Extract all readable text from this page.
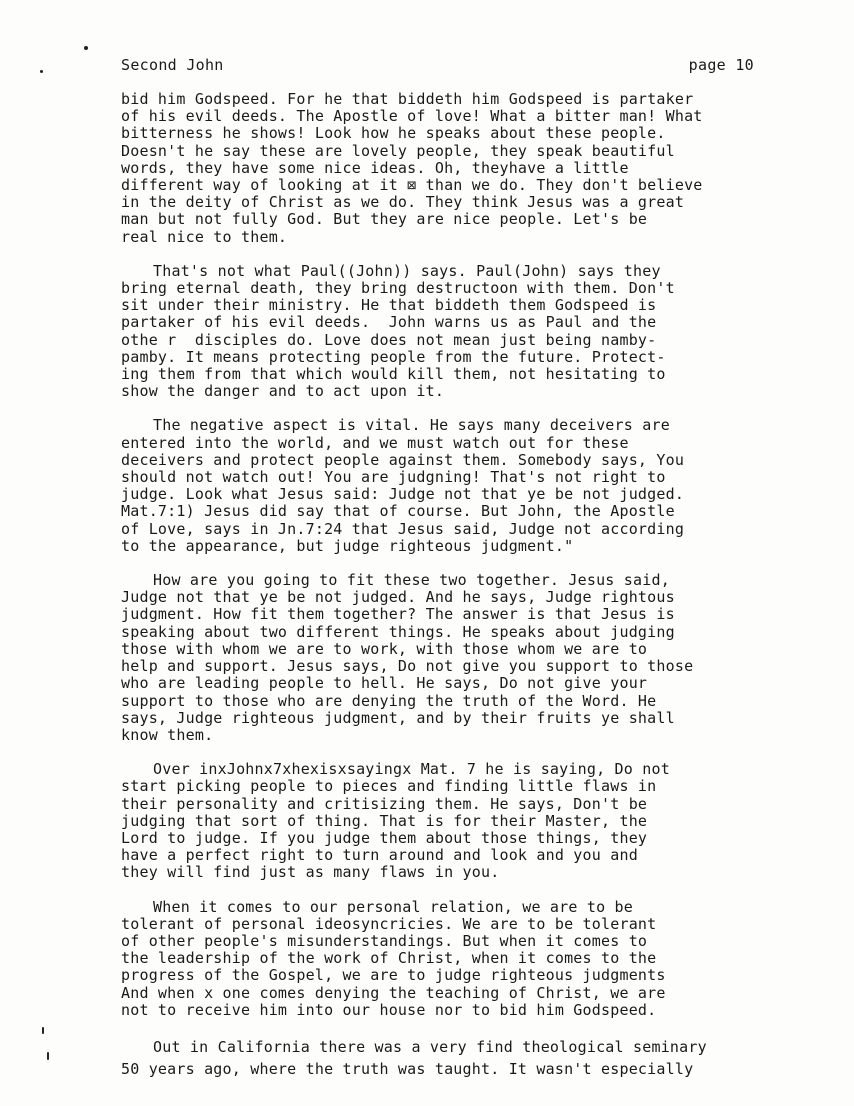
Second John	page 10
bid him Godspeed. For he that biddeth him Godspeed is partaker
of his evil deeds. The Apostle of love! What a bitter man! What
bitterness he shows! Look how he speaks about these people.
Doesn't he say these are lovely people, they speak beautiful
words, they have some nice ideas. Oh, theyhave a little
different way of looking at it ⊠ than we do. They don't believe
in the deity of Christ as we do. They think Jesus was a great
man but not fully God. But they are nice people. Let's be
real nice to them.
That's not what Paul((John)) says. Paul(John) says they
bring eternal death, they bring destructoon with them. Don't
sit under their ministry. He that biddeth them Godspeed is
partaker of his evil deeds.  John warns us as Paul and the
othe r  disciples do. Love does not mean just being namby-
pamby. It means protecting people from the future. Protect-
ing them from that which would kill them, not hesitating to
show the danger and to act upon it.
The negative aspect is vital. He says many deceivers are
entered into the world, and we must watch out for these
deceivers and protect people against them. Somebody says, You
should not watch out! You are judgning! That's not right to
judge. Look what Jesus said: Judge not that ye be not judged.
Mat.7:1) Jesus did say that of course. But John, the Apostle
of Love, says in Jn.7:24 that Jesus said, Judge not according
to the appearance, but judge righteous judgment."
How are you going to fit these two together. Jesus said,
Judge not that ye be not judged. And he says, Judge rightous
judgment. How fit them together? The answer is that Jesus is
speaking about two different things. He speaks about judging
those with whom we are to work, with those whom we are to
help and support. Jesus says, Do not give you support to those
who are leading people to hell. He says, Do not give your
support to those who are denying the truth of the Word. He
says, Judge righteous judgment, and by their fruits ye shall
know them.
Over inxJohnx7xhexisxsayingx Mat. 7 he is saying, Do not
start picking people to pieces and finding little flaws in
their personality and critisizing them. He says, Don't be
judging that sort of thing. That is for their Master, the
Lord to judge. If you judge them about those things, they
have a perfect right to turn around and look and you and
they will find just as many flaws in you.
When it comes to our personal relation, we are to be
tolerant of personal ideosyncricies. We are to be tolerant
of other people's misunderstandings. But when it comes to
the leadership of the work of Christ, when it comes to the
progress of the Gospel, we are to judge righteous judgments
And when x one comes denying the teaching of Christ, we are
not to receive him into our house nor to bid him Godspeed.
Out in California there was a very find theological seminary
50 years ago, where the truth was taught. It wasn't especially
